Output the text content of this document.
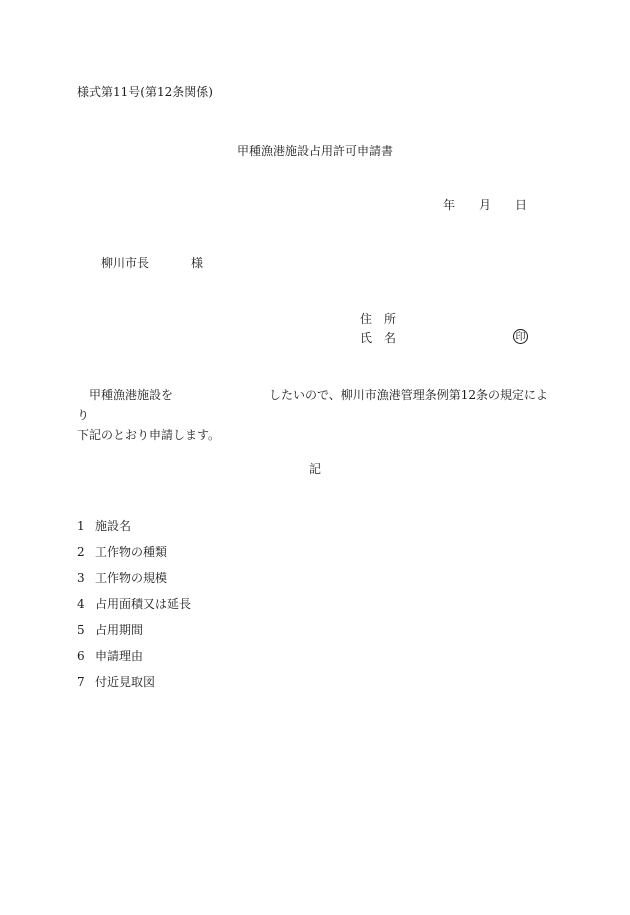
様式第11号(第12条関係)
甲種漁港施設占用許可申請書
年 月 日
柳川市長	様
住 所
氏 名	印
甲種漁港施設を	したいので、柳川市漁港管理条例第12条の規定により
下記のとおり申請します。
記
1 施設名
2 工作物の種類
3 工作物の規模
4 占用面積又は延長
5 占用期間
6 申請理由
7 付近見取図
